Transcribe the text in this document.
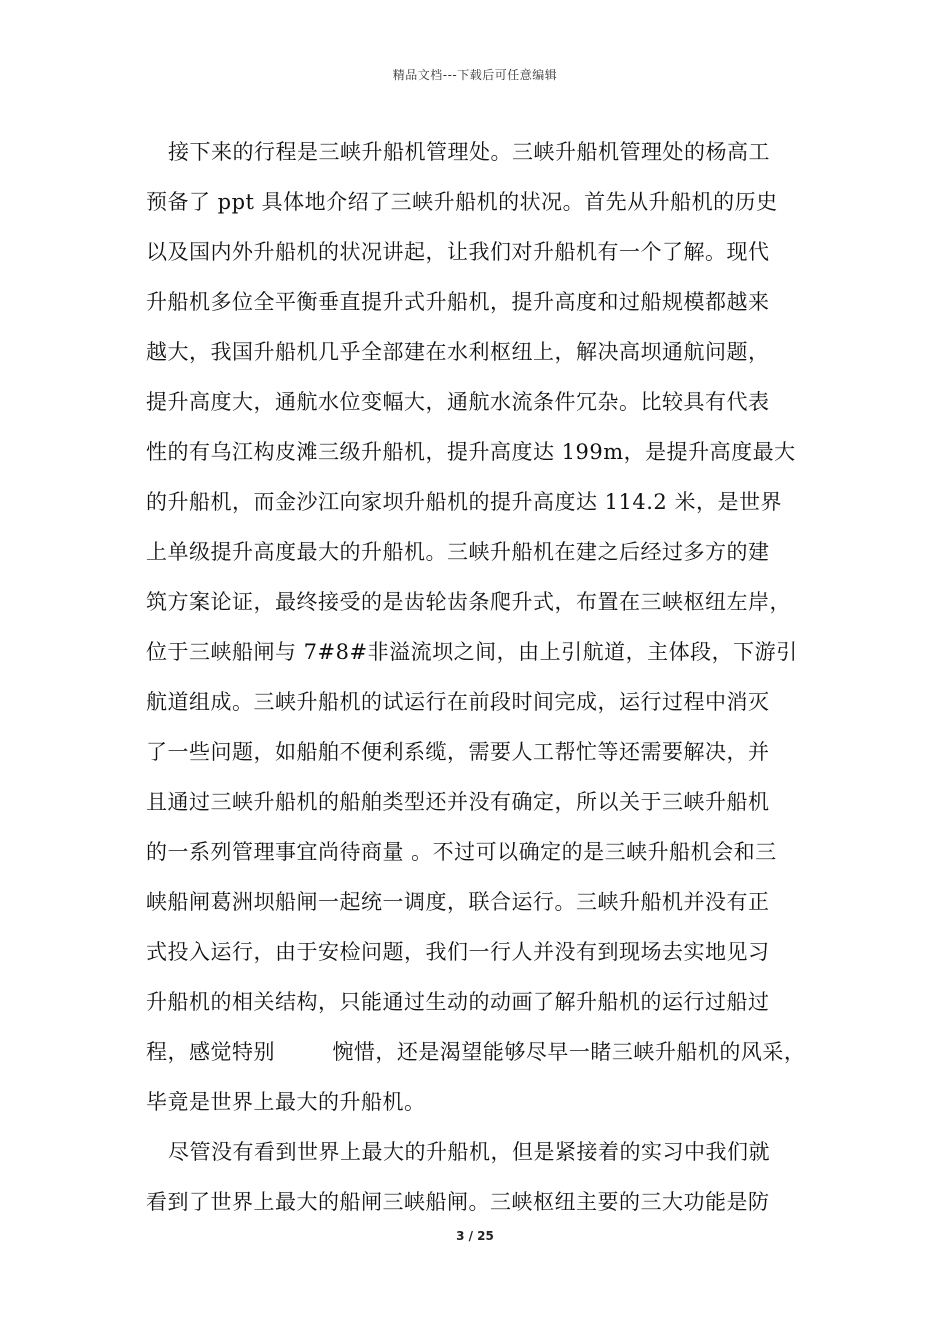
精品文档---下载后可任意编辑
接下来的行程是三峡升船机管理处。三峡升船机管理处的杨高工
预备了 ppt 具体地介绍了三峡升船机的状况。首先从升船机的历史
以及国内外升船机的状况讲起，让我们对升船机有一个了解。现代
升船机多位全平衡垂直提升式升船机，提升高度和过船规模都越来
越大，我国升船机几乎全部建在水利枢纽上，解决高坝通航问题，
提升高度大，通航水位变幅大，通航水流条件冗杂。比较具有代表
性的有乌江构皮滩三级升船机，提升高度达 199m，是提升高度最大
的升船机，而金沙江向家坝升船机的提升高度达 114.2 米，是世界
上单级提升高度最大的升船机。三峡升船机在建之后经过多方的建
筑方案论证，最终接受的是齿轮齿条爬升式，布置在三峡枢纽左岸，
位于三峡船闸与 7#8#非溢流坝之间，由上引航道，主体段，下游引
航道组成。三峡升船机的试运行在前段时间完成，运行过程中消灭
了一些问题，如船舶不便利系缆，需要人工帮忙等还需要解决，并
且通过三峡升船机的船舶类型还并没有确定，所以关于三峡升船机
的一系列管理事宜尚待商量 。不过可以确定的是三峡升船机会和三
峡船闸葛洲坝船闸一起统一调度，联合运行。三峡升船机并没有正
式投入运行，由于安检问题，我们一行人并没有到现场去实地见习
升船机的相关结构，只能通过生动的动画了解升船机的运行过船过
程，感觉特别        惋惜，还是渴望能够尽早一睹三峡升船机的风采，
毕竟是世界上最大的升船机。
尽管没有看到世界上最大的升船机，但是紧接着的实习中我们就
看到了世界上最大的船闸三峡船闸。三峡枢纽主要的三大功能是防
3 / 25
